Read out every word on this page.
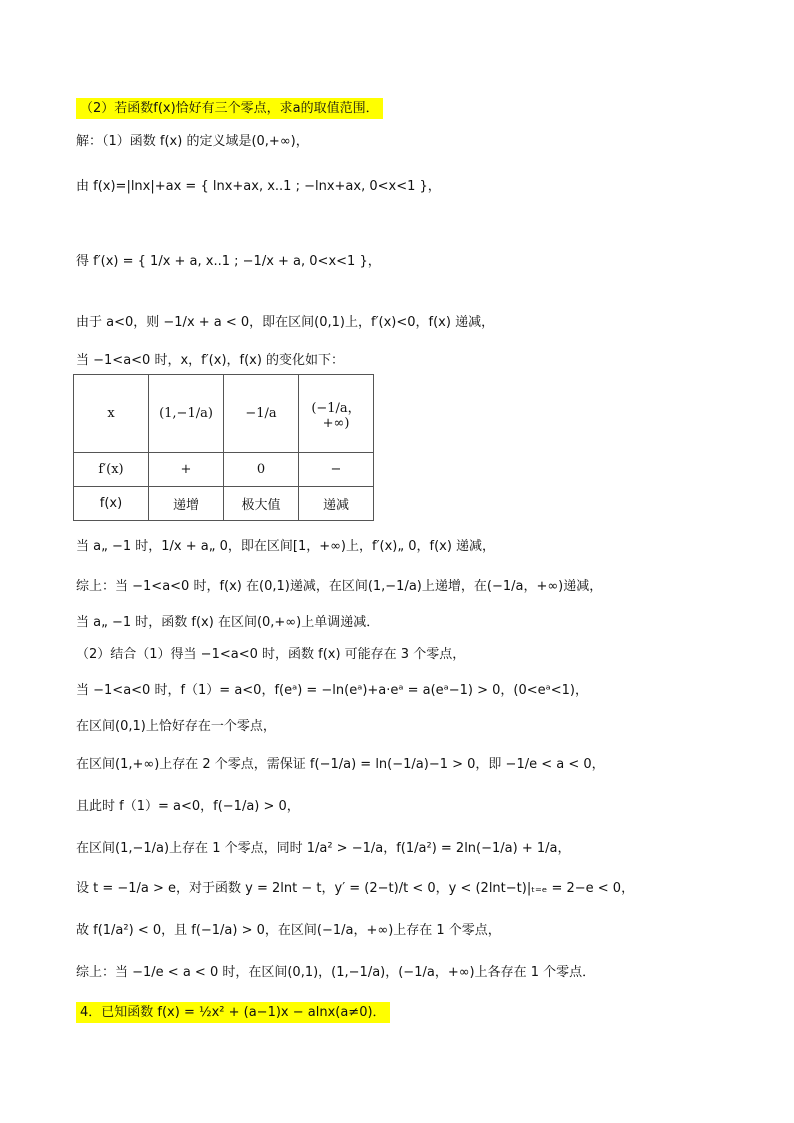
（2）若函数f(x)恰好有三个零点，求a的取值范围．
解：（1）函数 f(x) 的定义域是(0,+∞)，
由 f(x)=|lnx|+ax = { lnx+ax, x..1 ; −lnx+ax, 0<x<1 }，
得 f′(x) = { 1/x + a, x..1 ; −1/x + a, 0<x<1 }，
由于 a<0，则 −1/x + a < 0，即在区间(0,1)上，f′(x)<0，f(x) 递减，
当 −1<a<0 时，x，f′(x)，f(x) 的变化如下：
x	(1,−1/a)	−1/a	(−1/a，+∞)
f′(x)	+	0	−
f(x)	递增	极大值	递减
当 a„ −1 时，1/x + a„ 0，即在区间[1，+∞)上，f′(x)„ 0，f(x) 递减，
综上：当 −1<a<0 时，f(x) 在(0,1)递减，在区间(1,−1/a)上递增，在(−1/a，+∞)递减，
当 a„ −1 时，函数 f(x) 在区间(0,+∞)上单调递减．
（2）结合（1）得当 −1<a<0 时，函数 f(x) 可能存在 3 个零点，
当 −1<a<0 时，f（1）= a<0，f(eᵃ) = −ln(eᵃ)+a·eᵃ = a(eᵃ−1) > 0，(0<eᵃ<1)，
在区间(0,1)上恰好存在一个零点，
在区间(1,+∞)上存在 2 个零点，需保证 f(−1/a) = ln(−1/a)−1 > 0，即 −1/e < a < 0，
且此时 f（1）= a<0，f(−1/a) > 0，
在区间(1,−1/a)上存在 1 个零点，同时 1/a² > −1/a，f(1/a²) = 2ln(−1/a) + 1/a，
设 t = −1/a > e，对于函数 y = 2lnt − t，y′ = (2−t)/t < 0，y < (2lnt−t)|ₜ₌ₑ = 2−e < 0，
故 f(1/a²) < 0，且 f(−1/a) > 0，在区间(−1/a，+∞)上存在 1 个零点，
综上：当 −1/e < a < 0 时，在区间(0,1)，(1,−1/a)，(−1/a，+∞)上各存在 1 个零点．
4．已知函数 f(x) = ½x² + (a−1)x − alnx(a≠0)．
